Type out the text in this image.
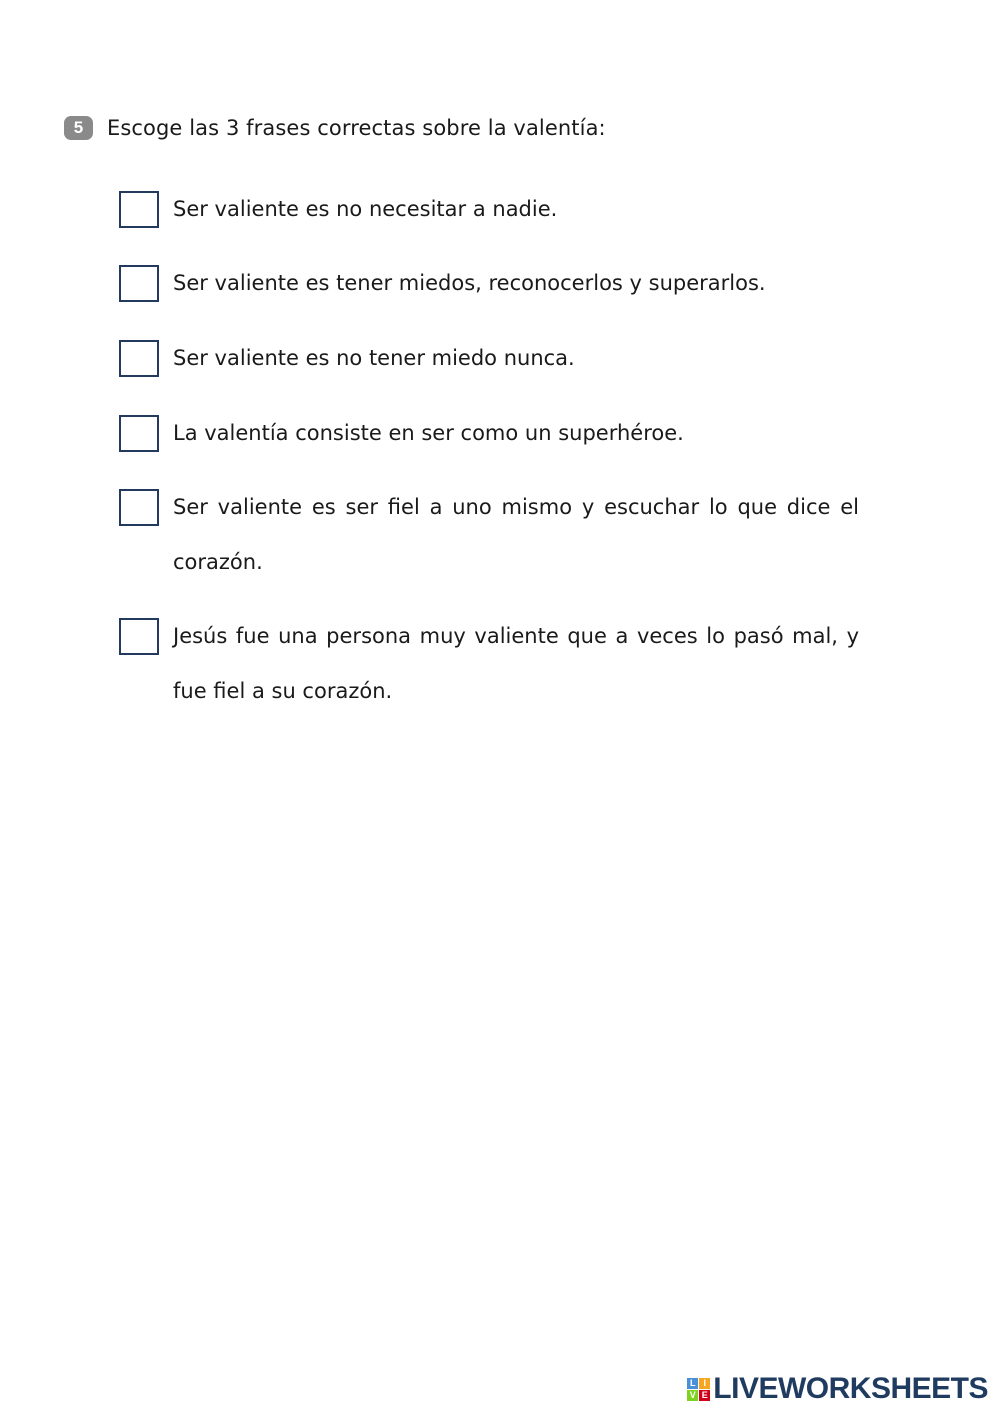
5	Escoge las 3 frases correctas sobre la valentía:
Ser valiente es no necesitar a nadie.
Ser valiente es tener miedos, reconocerlos y superarlos.
Ser valiente es no tener miedo nunca.
La valentía consiste en ser como un superhéroe.
Ser valiente es ser fiel a uno mismo y escuchar lo que dice el corazón.
Jesús fue una persona muy valiente que a veces lo pasó mal, y fue fiel a su corazón.
L I
V E LIVEWORKSHEETS
